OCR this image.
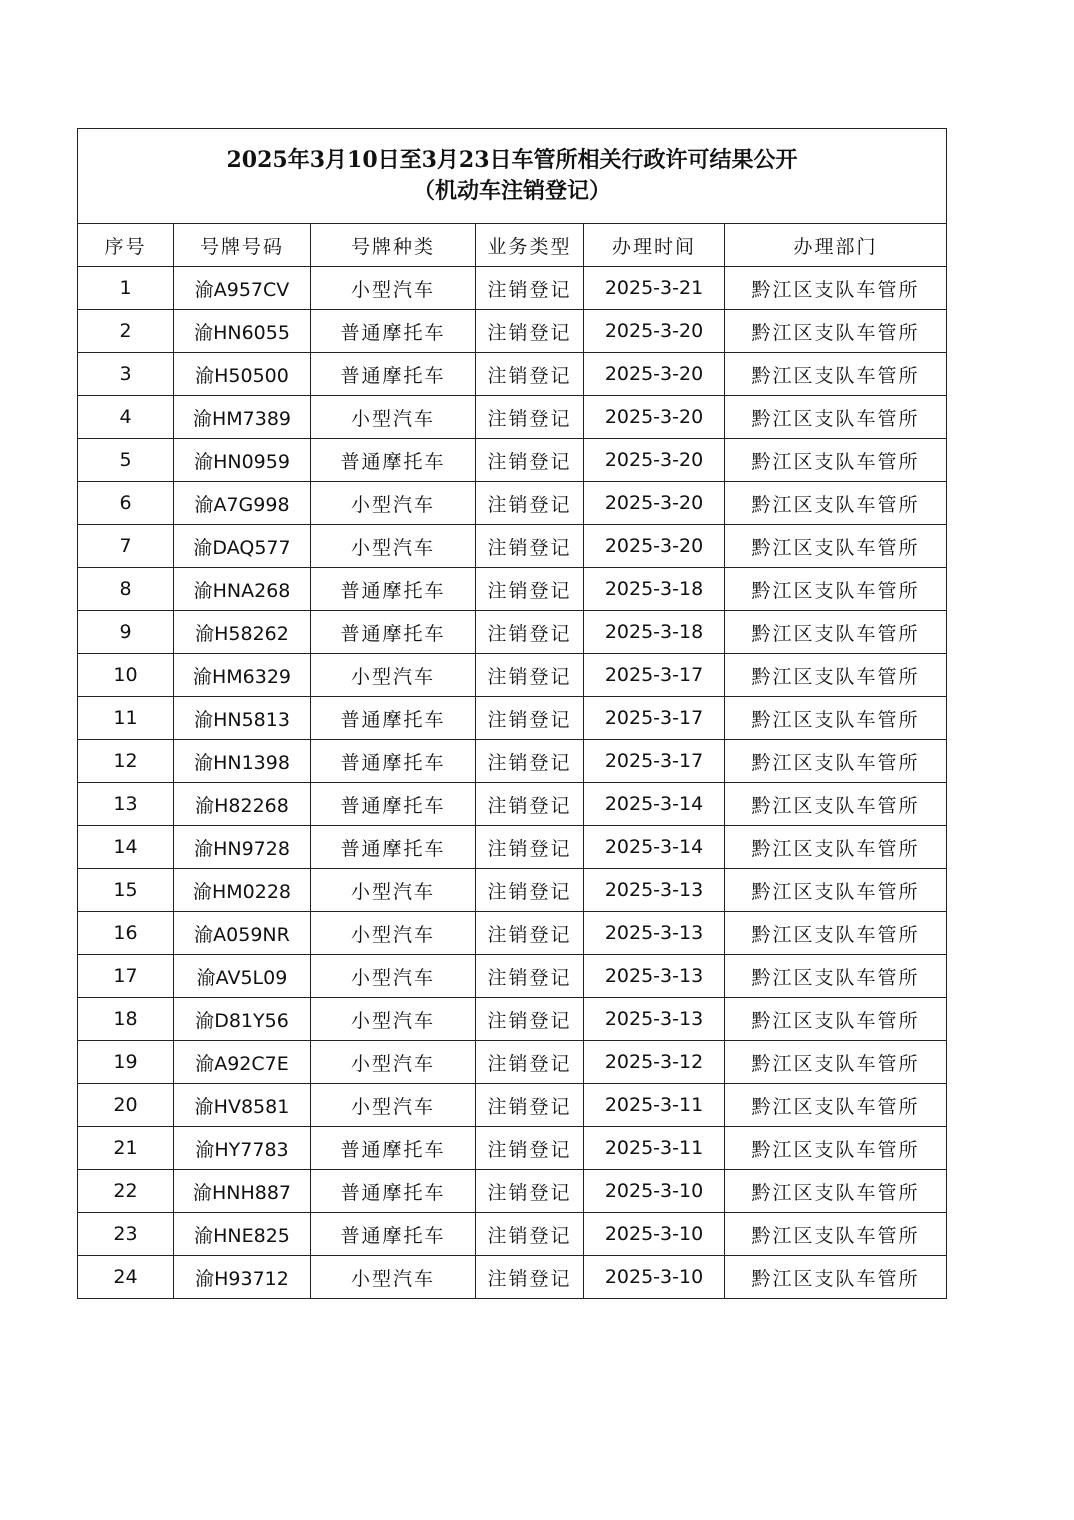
2025年3月10日至3月23日车管所相关行政许可结果公开
（机动车注销登记）					

序号	号牌号码	号牌种类	业务类型	办理时间	办理部门
1	渝A957CV	小型汽车	注销登记	2025-3-21	黔江区支队车管所
2	渝HN6055	普通摩托车	注销登记	2025-3-20	黔江区支队车管所
3	渝H50500	普通摩托车	注销登记	2025-3-20	黔江区支队车管所
4	渝HM7389	小型汽车	注销登记	2025-3-20	黔江区支队车管所
5	渝HN0959	普通摩托车	注销登记	2025-3-20	黔江区支队车管所
6	渝A7G998	小型汽车	注销登记	2025-3-20	黔江区支队车管所
7	渝DAQ577	小型汽车	注销登记	2025-3-20	黔江区支队车管所
8	渝HNA268	普通摩托车	注销登记	2025-3-18	黔江区支队车管所
9	渝H58262	普通摩托车	注销登记	2025-3-18	黔江区支队车管所
10	渝HM6329	小型汽车	注销登记	2025-3-17	黔江区支队车管所
11	渝HN5813	普通摩托车	注销登记	2025-3-17	黔江区支队车管所
12	渝HN1398	普通摩托车	注销登记	2025-3-17	黔江区支队车管所
13	渝H82268	普通摩托车	注销登记	2025-3-14	黔江区支队车管所
14	渝HN9728	普通摩托车	注销登记	2025-3-14	黔江区支队车管所
15	渝HM0228	小型汽车	注销登记	2025-3-13	黔江区支队车管所
16	渝A059NR	小型汽车	注销登记	2025-3-13	黔江区支队车管所
17	渝AV5L09	小型汽车	注销登记	2025-3-13	黔江区支队车管所
18	渝D81Y56	小型汽车	注销登记	2025-3-13	黔江区支队车管所
19	渝A92C7E	小型汽车	注销登记	2025-3-12	黔江区支队车管所
20	渝HV8581	小型汽车	注销登记	2025-3-11	黔江区支队车管所
21	渝HY7783	普通摩托车	注销登记	2025-3-11	黔江区支队车管所
22	渝HNH887	普通摩托车	注销登记	2025-3-10	黔江区支队车管所
23	渝HNE825	普通摩托车	注销登记	2025-3-10	黔江区支队车管所
24	渝H93712	小型汽车	注销登记	2025-3-10	黔江区支队车管所
